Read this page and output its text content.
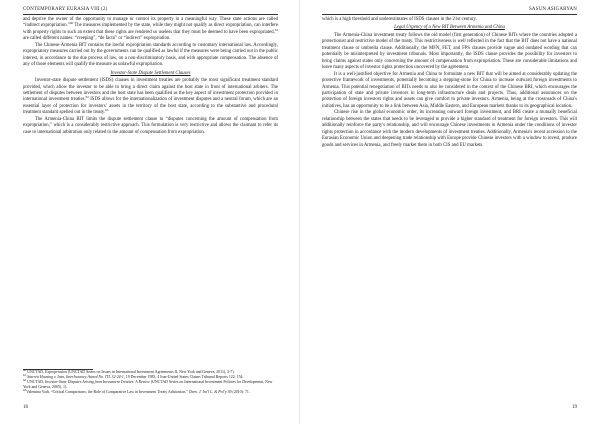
CONTEMPORARY EURASIA VIII (2)

and deprive the owner of the opportunity to manage or control its property in a meaningful way. These state actions are called “indirect expropriation.”$^{60}$ The measures implemented by the state, while they might not qualify as direct expropriation, can interfere with property rights to such an extent that these rights are rendered so useless that they must be deemed to have been expropriated,$^{61}$ are called different names: “creeping”, “de facto” or “indirect” expropriation.

The Chinese-Armenia BIT contains the lawful expropriation standards according to customary international law. Accordingly, expropriatory measures carried out by the governments can be qualified as lawful if the measures were being carried out in the public interest, in accordance to the due process of law, on a non-discriminatory basis, and with appropriate compensation. The absence of any of those elements will qualify the measure as unlawful expropriation.

Investor-State Dispute Settlement Clauses

Investor-state dispute settlement (ISDS) clauses in investment treaties are probably the most significant treatment standard provided, which allow the investor to be able to bring a direct claim against the host state in front of international arbiters. The settlement of disputes between investors and the host state has been qualified as the key aspect of investment protection provided in international investment treaties.$^{62}$ ISDS allows for the internationalization of investment disputes and a neutral forum, which are an essential layer of protection for investors’ assets in the territory of the host state, according to the substantive and procedural treatment standard spelled out in the treaty.$^{63}$

The Armenia-China BIT limits the dispute settlement clause to “disputes concerning the amount of compensation from expropriation,” which is a considerably restrictive approach. This formulation is very restrictive and allows the claimant to refer its case to international arbitration only related to the amount of compensation from expropriation.

$^{60}$ UNCTAD, Expropriation (UNCTAD Series on Issues in International Investment Agreements II, New York and Geneva, 2011), 5-7).
$^{61}$ Starrett Housing v. Iran, Interlocutory Award No. ITL 32-24-1, 19 December 1983, 4 Iran-United States Claims Tribunal Reports 122, 154.
$^{62}$ UNCTAD, Investor-State Disputes Arising from Investment Treaties: A Review (UNCTAD Series on International Investment Policies for Development, New York and Geneva, 2005), 1).
$^{63}$Valentina Vadi, “Critical Comparisons: the Role of Comparative Law in Investment Treaty Arbitration,” Denv. J. Int’l L. & Pol’y 39 (2010): 71.
18
SASUN ASIGARYAN

which is a high threshold and underestimates of ISDS clauses in the 21st century.

Legal Urgency of a New BIT Between Armenia and China

The Armenia-China investment treaty follows the old model (first generation) of Chinese BITs where the countries adopted a protectionist and restrictive model of the treaty. This restrictiveness is well reflected in the fact that the BIT does not have a national treatment clause or umbrella clause. Additionally, the MFN, FET, and FPS clauses provide vague and outdated wording that can potentially be misinterpreted by investment tribunals. Most importantly, the ISDS clause provides the possibility for investors to bring claims against states only concerning the amount of compensation from expropriation. These are considerable limitations and leave many aspects of investor rights protection uncovered by the agreement.

It is a well-justified objective for Armenia and China to formulate a new BIT that will be aimed at considerably updating the protective framework of investments, potentially becoming a stepping-stone for China to increase outward foreign investments to Armenia. This potential renegotiation of BITs needs to also be considered in the context of the Chinese BRI, which encourages the participation of state and private investors in long-term infrastructure deals and projects. Thus, additional assurances on the protection of foreign investors rights and assets can give comfort to private investors. Armenia, being at the crossroads of China's initiatives, has an opportunity to be a link between Asia, Middle Eastern, and European markets thanks to its geographical location.

Chinese rise in the global economic order, its increasing outward foreign investment, and BRI create a mutually beneficial relationship between the states that needs to be leveraged to provide a higher standard of treatment for foreign investors. This will additionally reinforce the party's relationship, and will encourage Chinese investments in Armenia under the conditions of investor rights protection in accordance with the modern developments of investment treaties. Additionally, Armenia's recent accession to the Eurasian Economic Union and deepening trade relationship with Europe provide Chinese investors with a window to invest, produce goods and services in Armenia, and freely market them in both CIS and EU markets.

19
